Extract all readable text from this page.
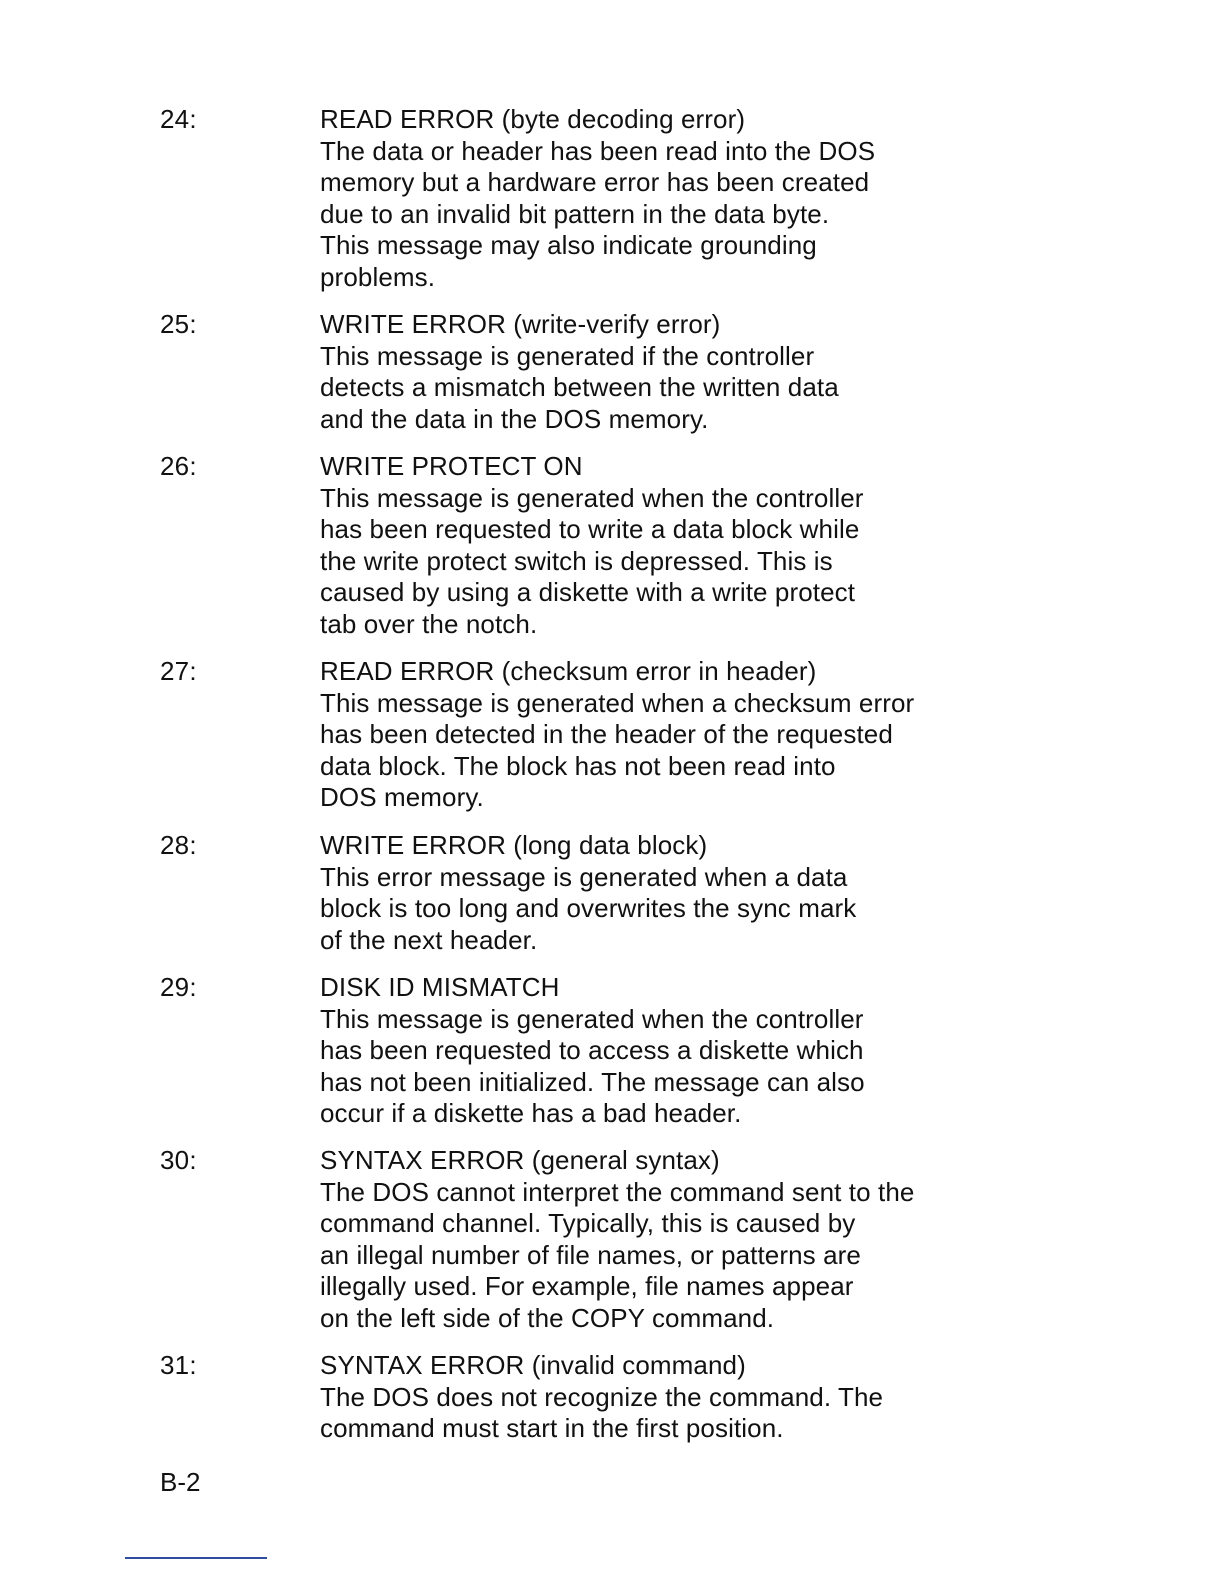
24:	READ ERROR (byte decoding error)
The data or header has been read into the DOS
memory but a hardware error has been created
due to an invalid bit pattern in the data byte.
This message may also indicate grounding
problems.
25:	WRITE ERROR (write-verify error)
This message is generated if the controller
detects a mismatch between the written data
and the data in the DOS memory.
26:	WRITE PROTECT ON
This message is generated when the controller
has been requested to write a data block while
the write protect switch is depressed. This is
caused by using a diskette with a write protect
tab over the notch.
27:	READ ERROR (checksum error in header)
This message is generated when a checksum error
has been detected in the header of the requested
data block. The block has not been read into
DOS memory.
28:	WRITE ERROR (long data block)
This error message is generated when a data
block is too long and overwrites the sync mark
of the next header.
29:	DISK ID MISMATCH
This message is generated when the controller
has been requested to access a diskette which
has not been initialized. The message can also
occur if a diskette has a bad header.
30:	SYNTAX ERROR (general syntax)
The DOS cannot interpret the command sent to the
command channel. Typically, this is caused by
an illegal number of file names, or patterns are
illegally used. For example, file names appear
on the left side of the COPY command.
31:	SYNTAX ERROR (invalid command)
The DOS does not recognize the command. The
command must start in the first position.
B-2
